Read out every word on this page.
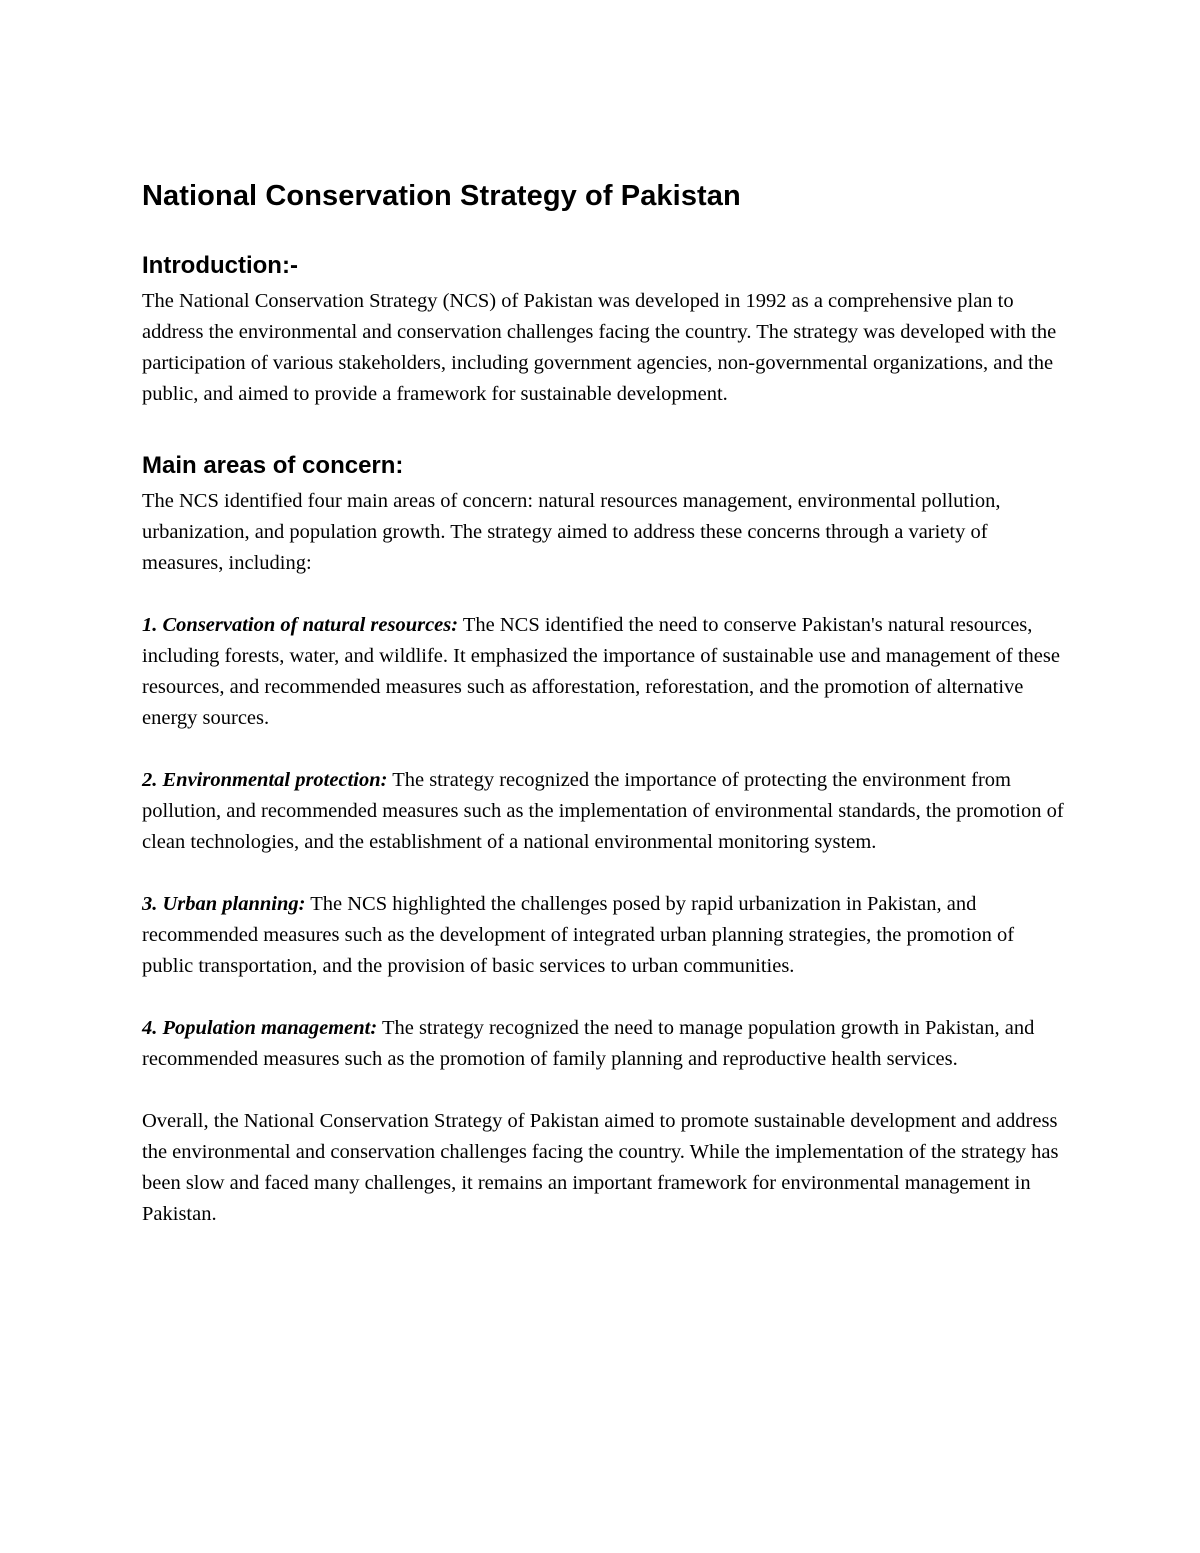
National Conservation Strategy of Pakistan
Introduction:-

The National Conservation Strategy (NCS) of Pakistan was developed in 1992 as a comprehensive plan to address the environmental and conservation challenges facing the country. The strategy was developed with the participation of various stakeholders, including government agencies, non-governmental organizations, and the public, and aimed to provide a framework for sustainable development.

Main areas of concern:

The NCS identified four main areas of concern: natural resources management, environmental pollution, urbanization, and population growth. The strategy aimed to address these concerns through a variety of measures, including:

1. Conservation of natural resources: The NCS identified the need to conserve Pakistan's natural resources, including forests, water, and wildlife. It emphasized the importance of sustainable use and management of these resources, and recommended measures such as afforestation, reforestation, and the promotion of alternative energy sources.

2. Environmental protection: The strategy recognized the importance of protecting the environment from pollution, and recommended measures such as the implementation of environmental standards, the promotion of clean technologies, and the establishment of a national environmental monitoring system.

3. Urban planning: The NCS highlighted the challenges posed by rapid urbanization in Pakistan, and recommended measures such as the development of integrated urban planning strategies, the promotion of public transportation, and the provision of basic services to urban communities.

4. Population management: The strategy recognized the need to manage population growth in Pakistan, and recommended measures such as the promotion of family planning and reproductive health services.

Overall, the National Conservation Strategy of Pakistan aimed to promote sustainable development and address the environmental and conservation challenges facing the country. While the implementation of the strategy has been slow and faced many challenges, it remains an important framework for environmental management in Pakistan.
